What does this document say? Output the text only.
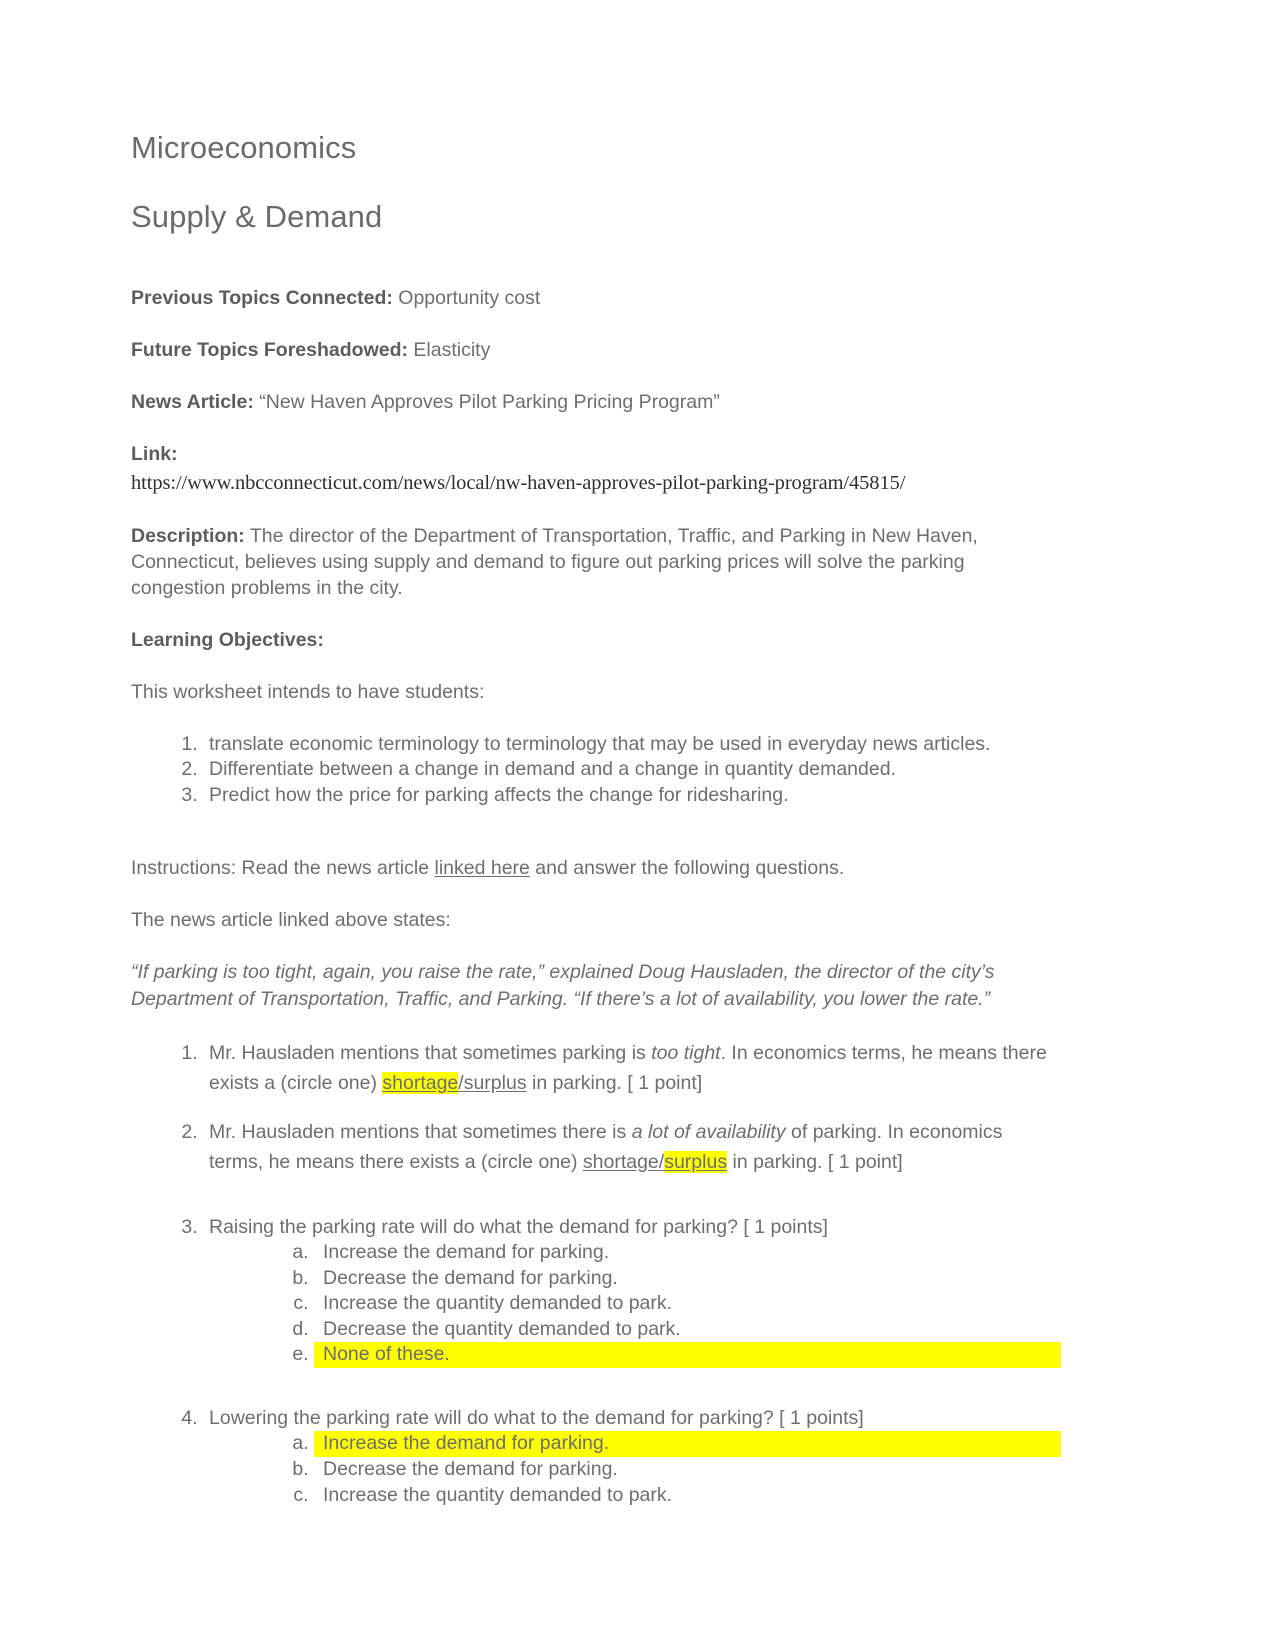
Microeconomics
Supply & Demand

Previous Topics Connected: Opportunity cost

Future Topics Foreshadowed: Elasticity

News Article: “New Haven Approves Pilot Parking Pricing Program”

Link:

https://www.nbcconnecticut.com/news/local/nw-haven-approves-pilot-parking-program/45815/

Description: The director of the Department of Transportation, Traffic, and Parking in New Haven, Connecticut, believes using supply and demand to figure out parking prices will solve the parking congestion problems in the city.

Learning Objectives:

This worksheet intends to have students:

1. translate economic terminology to terminology that may be used in everyday news articles.
2. Differentiate between a change in demand and a change in quantity demanded.
3. Predict how the price for parking affects the change for ridesharing.

Instructions: Read the news article linked here and answer the following questions.

The news article linked above states:

“If parking is too tight, again, you raise the rate,” explained Doug Hausladen, the director of the city’s Department of Transportation, Traffic, and Parking. “If there’s a lot of availability, you lower the rate.”

1. Mr. Hausladen mentions that sometimes parking is too tight. In economics terms, he means there exists a (circle one) shortage/surplus in parking. [ 1 point]
2. Mr. Hausladen mentions that sometimes there is a lot of availability of parking. In economics terms, he means there exists a (circle one) shortage/surplus in parking. [ 1 point]
3. Raising the parking rate will do what the demand for parking? [ 1 points]
a. Increase the demand for parking.
b. Decrease the demand for parking.
c. Increase the quantity demanded to park.
d. Decrease the quantity demanded to park.
e. None of these.
4. Lowering the parking rate will do what to the demand for parking? [ 1 points]
a. Increase the demand for parking.
b. Decrease the demand for parking.
c. Increase the quantity demanded to park.
